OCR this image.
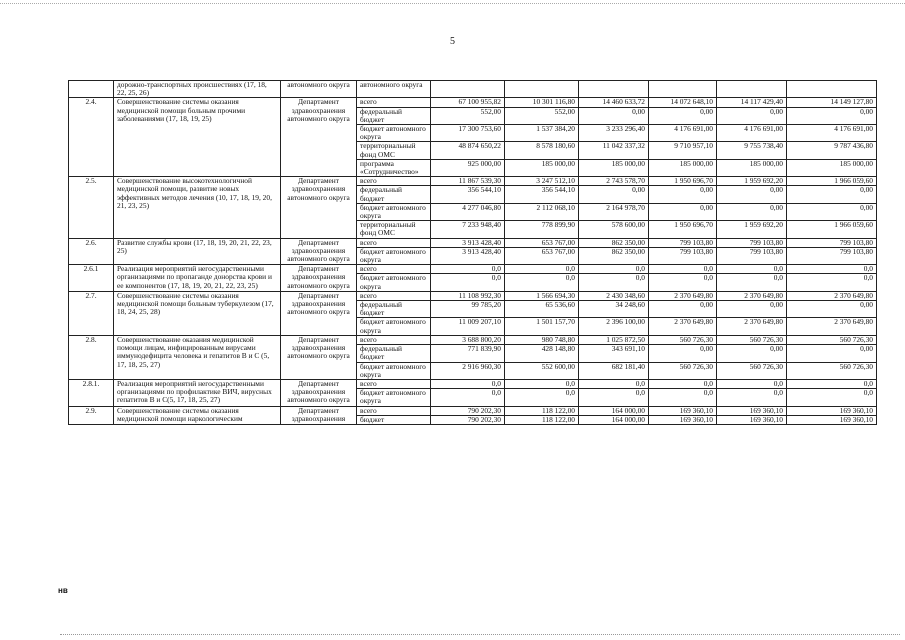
5
	дорожно-транспортных происшествиях (17, 18, 22, 25, 26)	автономного округа	автономного округа						
2.4.	Совершенствование системы оказания медицинской помощи больным прочими заболеваниями (17, 18, 19, 25)	Департамент здравоохранения автономного округа	всего	67 100 955,82	10 301 116,80	14 460 633,72	14 072 648,10	14 117 429,40	14 149 127,80
			федеральный бюджет	552,00	552,00	0,00	0,00	0,00	0,00
			бюджет автономного округа	17 300 753,60	1 537 384,20	3 233 296,40	4 176 691,00	4 176 691,00	4 176 691,00
			территориальный фонд ОМС	48 874 650,22	8 578 180,60	11 042 337,32	9 710 957,10	9 755 738,40	9 787 436,80
			программа «Сотрудничество»	925 000,00	185 000,00	185 000,00	185 000,00	185 000,00	185 000,00
2.5.	Совершенствование высокотехнологичной медицинской помощи, развитие новых эффективных методов лечения (10, 17, 18, 19, 20, 21, 23, 25)	Департамент здравоохранения автономного округа	всего	11 867 539,30	3 247 512,10	2 743 578,70	1 950 696,70	1 959 692,20	1 966 059,60
			федеральный бюджет	356 544,10	356 544,10	0,00	0,00	0,00	0,00
			бюджет автономного округа	4 277 046,80	2 112 068,10	2 164 978,70	0,00	0,00	0,00
			территориальный фонд ОМС	7 233 948,40	778 899,90	578 600,00	1 950 696,70	1 959 692,20	1 966 059,60
2.6.	Развитие службы крови (17, 18, 19, 20, 21, 22, 23, 25)	Департамент здравоохранения автономного округа	всего	3 913 428,40	653 767,00	862 350,00	799 103,80	799 103,80	799 103,80
			бюджет автономного округа	3 913 428,40	653 767,00	862 350,00	799 103,80	799 103,80	799 103,80
2.6.1	Реализация мероприятий негосударственными организациями по пропаганде донорства крови и ее компонентов (17, 18, 19, 20, 21, 22, 23, 25)	Департамент здравоохранения автономного округа	всего	0,0	0,0	0,0	0,0	0,0	0,0
			бюджет автономного округа	0,0	0,0	0,0	0,0	0,0	0,0
2.7.	Совершенствование системы оказания медицинской помощи больным туберкулезом (17, 18, 24, 25, 28)	Департамент здравоохранения автономного округа	всего	11 108 992,30	1 566 694,30	2 430 348,60	2 370 649,80	2 370 649,80	2 370 649,80
			федеральный бюджет	99 785,20	65 536,60	34 248,60	0,00	0,00	0,00
			бюджет автономного округа	11 009 207,10	1 501 157,70	2 396 100,00	2 370 649,80	2 370 649,80	2 370 649,80
2.8.	Совершенствование оказания медицинской помощи лицам, инфицированным вирусами иммунодефицита человека и гепатитов В и С (5, 17, 18, 25, 27)	Департамент здравоохранения автономного округа	всего	3 688 800,20	980 748,80	1 025 872,50	560 726,30	560 726,30	560 726,30
			федеральный бюджет	771 839,90	428 148,80	343 691,10	0,00	0,00	0,00
			бюджет автономного округа	2 916 960,30	552 600,00	682 181,40	560 726,30	560 726,30	560 726,30
2.8.1.	Реализация мероприятий негосударственными организациями по профилактике ВИЧ, вирусных гепатитов В и С(5, 17, 18, 25, 27)	Департамент здравоохранения автономного округа	всего	0,0	0,0	0,0	0,0	0,0	0,0
			бюджет автономного округа	0,0	0,0	0,0	0,0	0,0	0,0
2.9.	Совершенствование системы оказания медицинской помощи наркологическим	Департамент здравоохранения	всего	790 202,30	118 122,00	164 000,00	169 360,10	169 360,10	169 360,10
			бюджет	790 202,30	118 122,00	164 000,00	169 360,10	169 360,10	169 360,10
нв
